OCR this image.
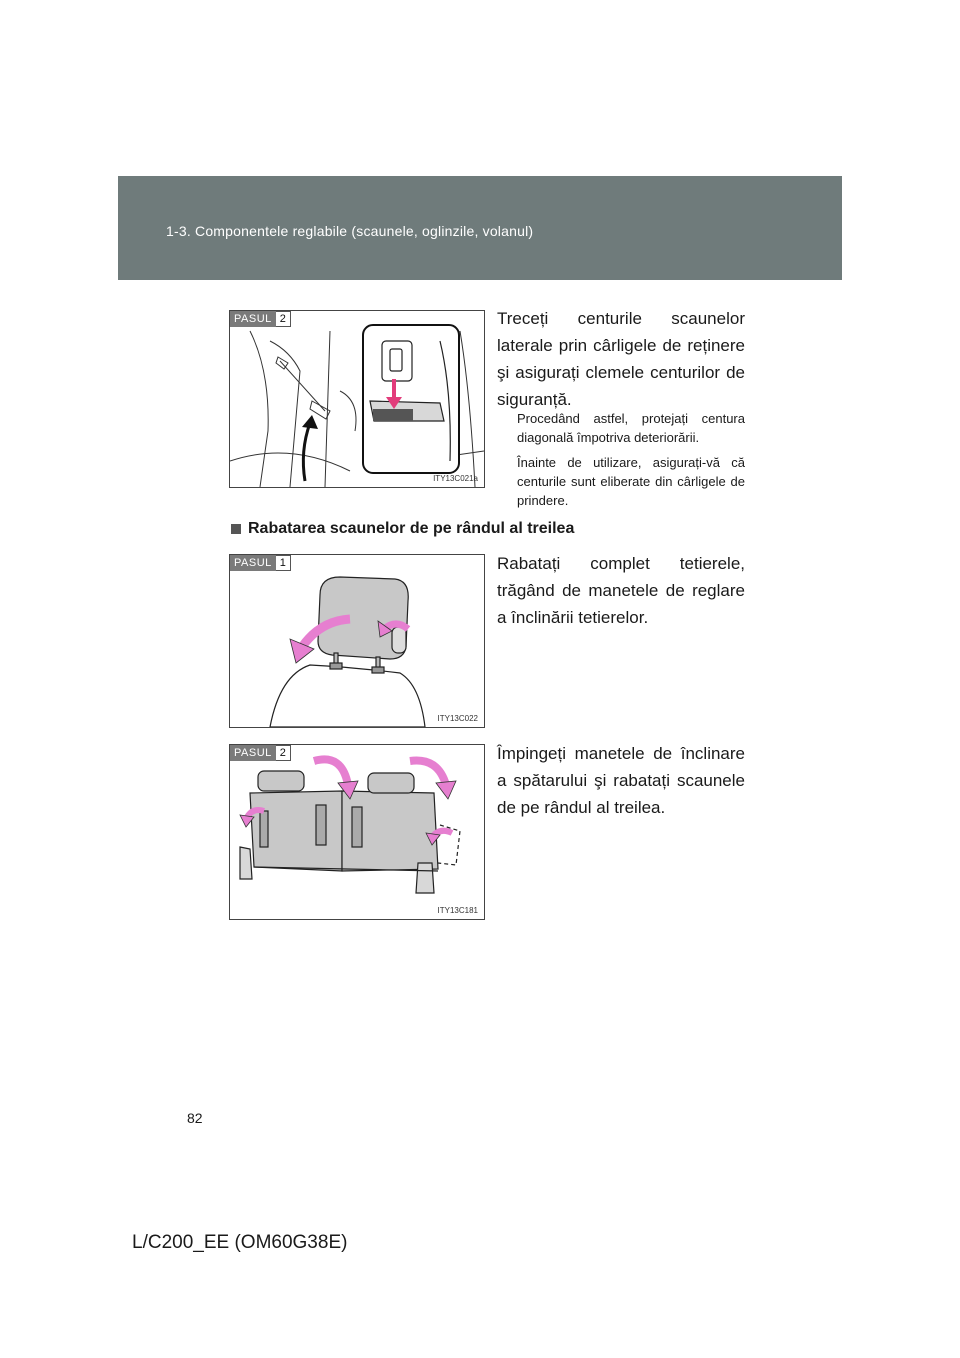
1-3. Componentele reglabile (scaunele, oglinzile, volanul)
PASUL 2
ITY13C021a
Treceți centurile scaunelor laterale prin cârligele de reținere şi asigurați clemele centurilor de siguranță.
Procedând astfel, protejați centura diagonală împotriva deteriorării.
Înainte de utilizare, asigurați-vă că centurile sunt eliberate din cârligele de prindere.
Rabatarea scaunelor de pe rândul al treilea
PASUL 1
ITY13C022
Rabatați complet tetierele, trăgând de manetele de reglare a înclinării tetierelor.
PASUL 2
ITY13C181
Împingeți manetele de înclinare a spătarului şi rabatați scaunele de pe rândul al treilea.
82
L/C200_EE (OM60G38E)
